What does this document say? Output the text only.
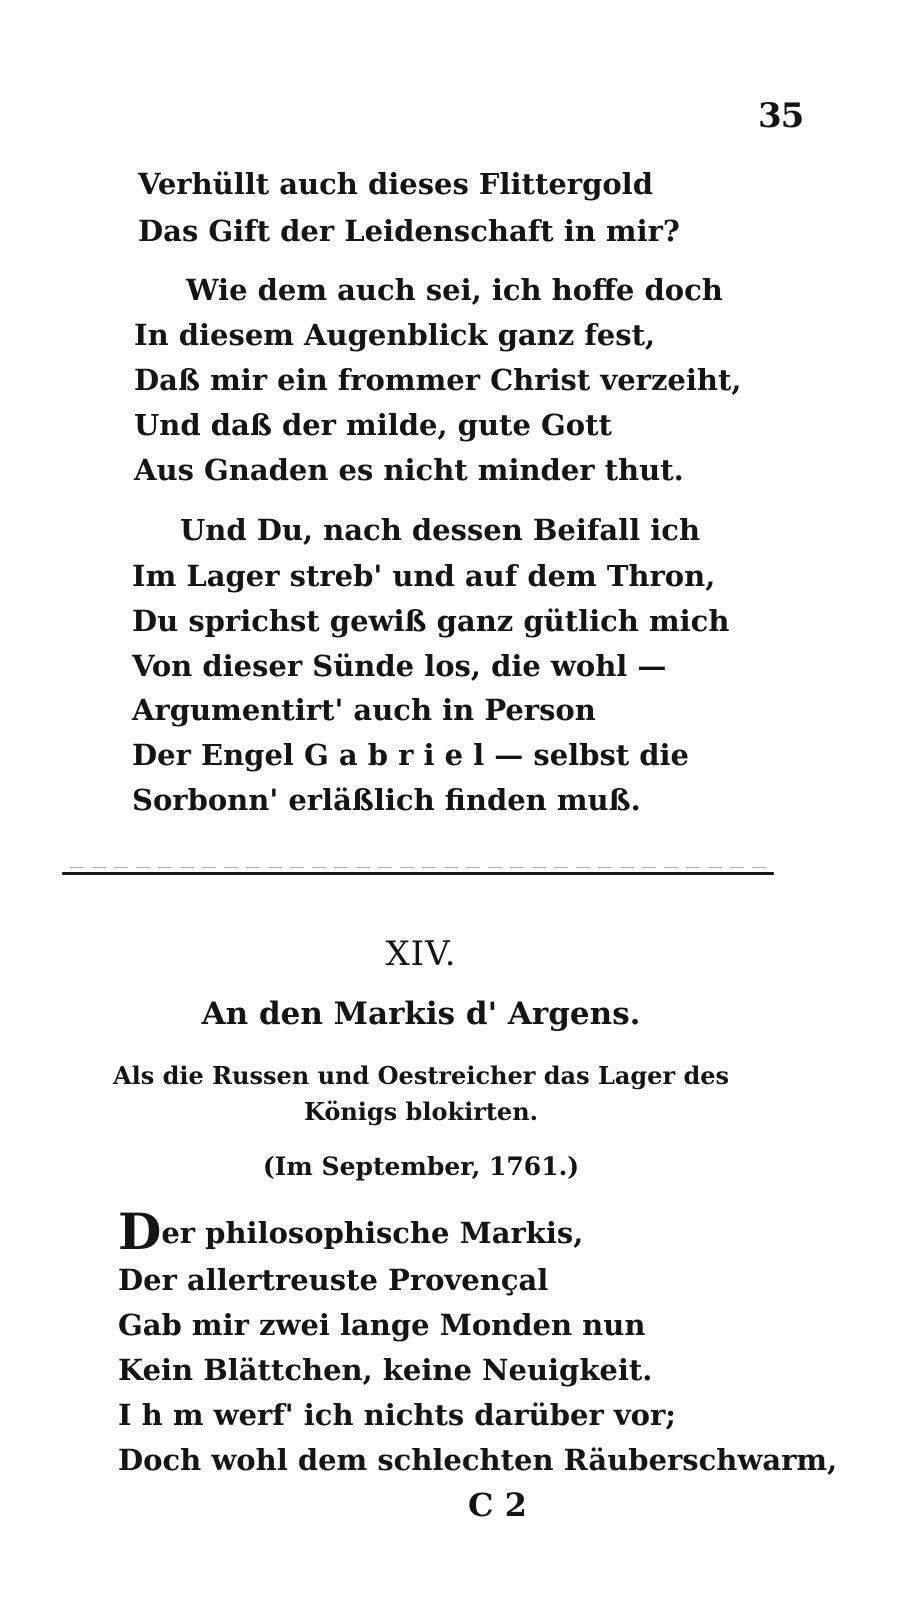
35
Verhüllt auch dieses Flittergold
Das Gift der Leidenschaft in mir?
Wie dem auch sei, ich hoffe doch
In diesem Augenblick ganz fest,
Daß mir ein frommer Christ verzeiht,
Und daß der milde, gute Gott
Aus Gnaden es nicht minder thut.
Und Du, nach dessen Beifall ich
Im Lager streb' und auf dem Thron,
Du sprichst gewiß ganz gütlich mich
Von dieser Sünde los, die wohl —
Argumentirt' auch in Person
Der Engel G a b r i e l — selbst die
Sorbonn' erläßlich finden muß.
XIV.
An den Markis d' Argens.
Als die Russen und Oestreicher das Lager des
Königs blokirten.
(Im September, 1761.)
Der philosophische Markis,
Der allertreuste Provençal
Gab mir zwei lange Monden nun
Kein Blättchen, keine Neuigkeit.
I h m werf' ich nichts darüber vor;
Doch wohl dem schlechten Räuberschwarm,
C 2
